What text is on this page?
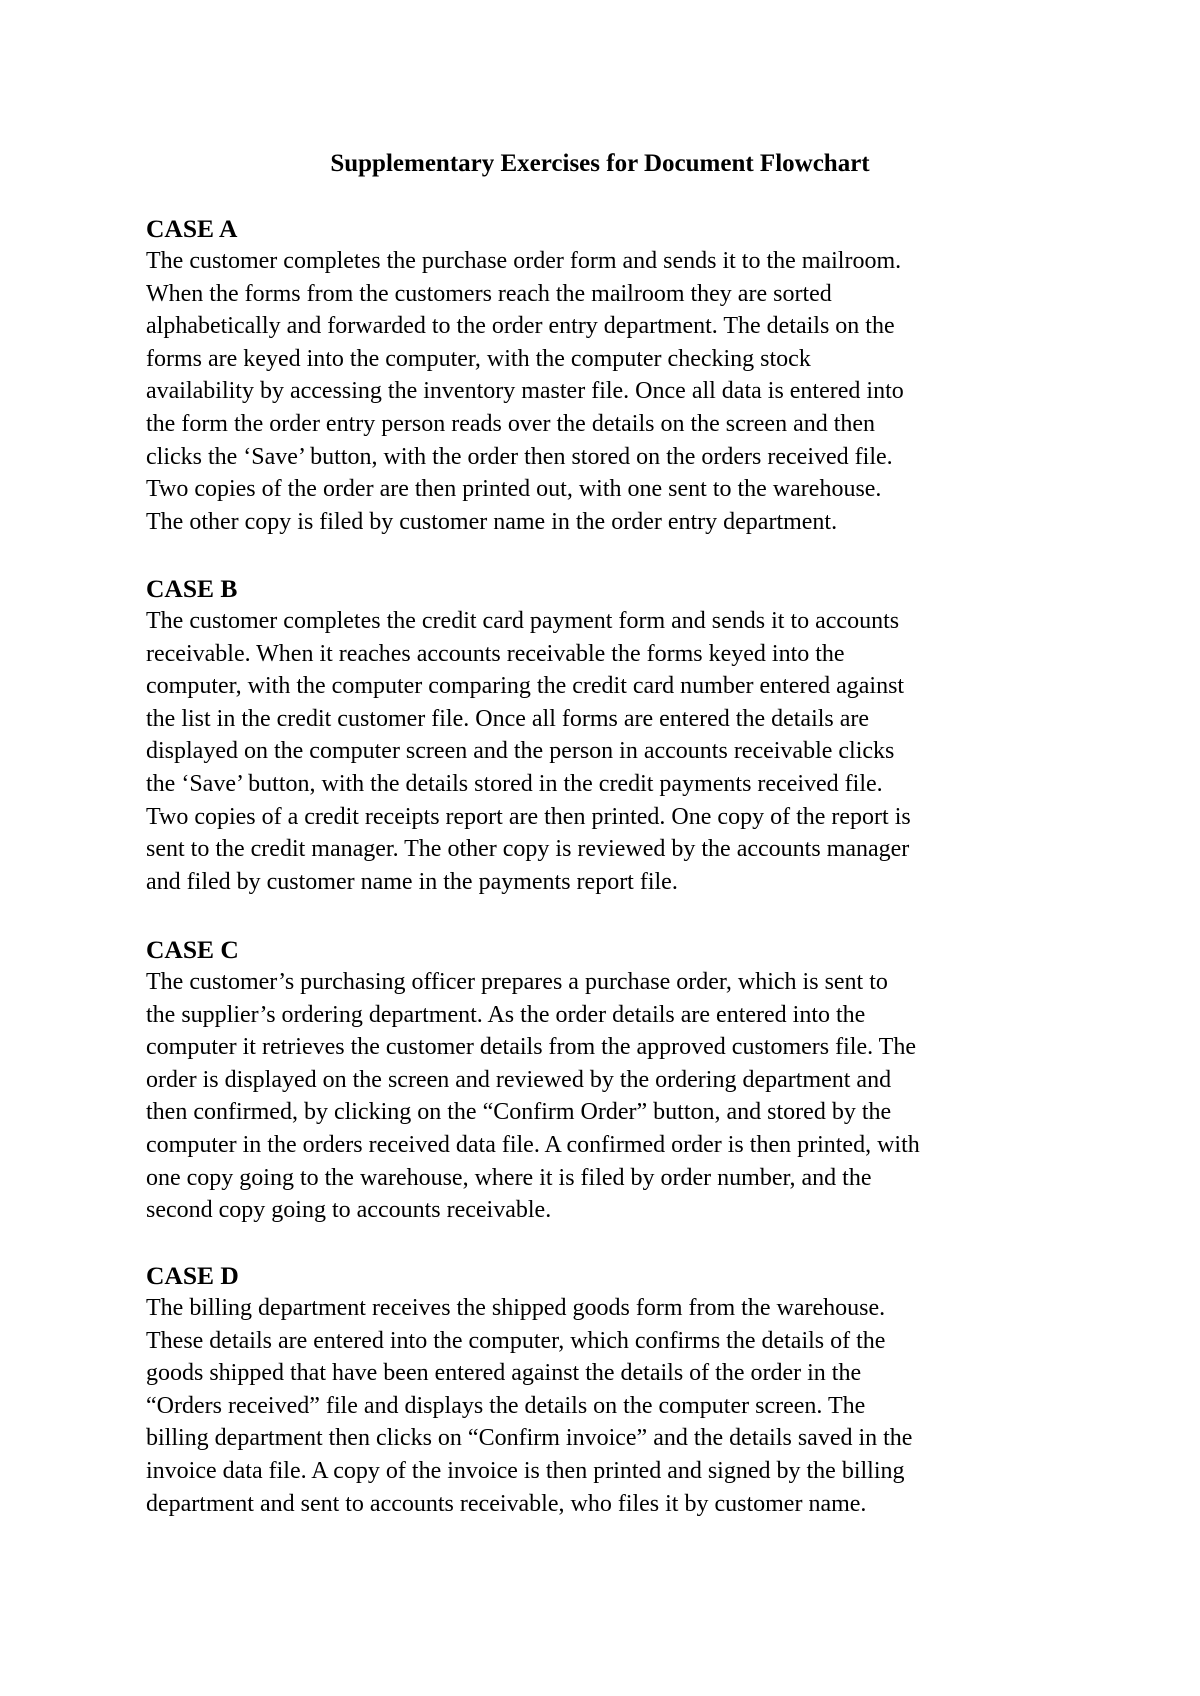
Supplementary Exercises for Document Flowchart
CASE A

The customer completes the purchase order form and sends it to the mailroom.
When the forms from the customers reach the mailroom they are sorted
alphabetically and forwarded to the order entry department. The details on the
forms are keyed into the computer, with the computer checking stock
availability by accessing the inventory master file. Once all data is entered into
the form the order entry person reads over the details on the screen and then
clicks the ‘Save’ button, with the order then stored on the orders received file.
Two copies of the order are then printed out, with one sent to the warehouse.
The other copy is filed by customer name in the order entry department.

CASE B

The customer completes the credit card payment form and sends it to accounts
receivable. When it reaches accounts receivable the forms keyed into the
computer, with the computer comparing the credit card number entered against
the list in the credit customer file. Once all forms are entered the details are
displayed on the computer screen and the person in accounts receivable clicks
the ‘Save’ button, with the details stored in the credit payments received file.
Two copies of a credit receipts report are then printed. One copy of the report is
sent to the credit manager. The other copy is reviewed by the accounts manager
and filed by customer name in the payments report file.

CASE C

The customer’s purchasing officer prepares a purchase order, which is sent to
the supplier’s ordering department. As the order details are entered into the
computer it retrieves the customer details from the approved customers file. The
order is displayed on the screen and reviewed by the ordering department and
then confirmed, by clicking on the “Confirm Order” button, and stored by the
computer in the orders received data file. A confirmed order is then printed, with
one copy going to the warehouse, where it is filed by order number, and the
second copy going to accounts receivable.

CASE D

The billing department receives the shipped goods form from the warehouse.
These details are entered into the computer, which confirms the details of the
goods shipped that have been entered against the details of the order in the
“Orders received” file and displays the details on the computer screen. The
billing department then clicks on “Confirm invoice” and the details saved in the
invoice data file. A copy of the invoice is then printed and signed by the billing
department and sent to accounts receivable, who files it by customer name.
